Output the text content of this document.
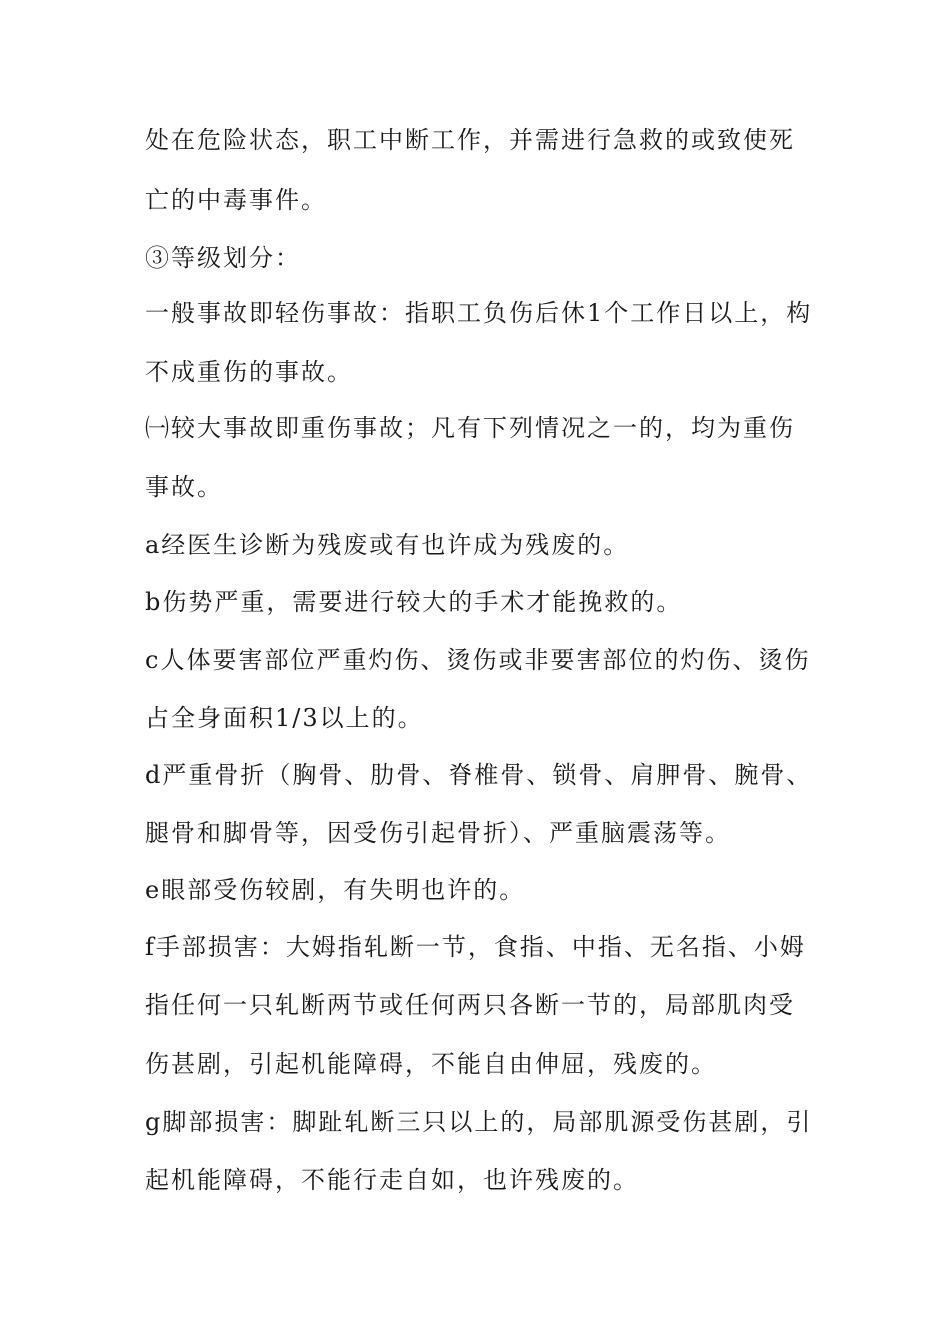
处在危险状态，职工中断工作，并需进行急救的或致使死
亡的中毒事件。
③等级划分：
一般事故即轻伤事故：指职工负伤后休1个工作日以上，构
不成重伤的事故。
㈠较大事故即重伤事故；凡有下列情况之一的，均为重伤
事故。
a经医生诊断为残废或有也许成为残废的。
b伤势严重，需要进行较大的手术才能挽救的。
c人体要害部位严重灼伤、烫伤或非要害部位的灼伤、烫伤
占全身面积1/3以上的。
d严重骨折（胸骨、肋骨、脊椎骨、锁骨、肩胛骨、腕骨、
腿骨和脚骨等，因受伤引起骨折）、严重脑震荡等。
e眼部受伤较剧，有失明也许的。
f手部损害：大姆指轧断一节，食指、中指、无名指、小姆
指任何一只轧断两节或任何两只各断一节的，局部肌肉受
伤甚剧，引起机能障碍，不能自由伸屈，残废的。
g脚部损害：脚趾轧断三只以上的，局部肌源受伤甚剧，引
起机能障碍，不能行走自如，也许残废的。
